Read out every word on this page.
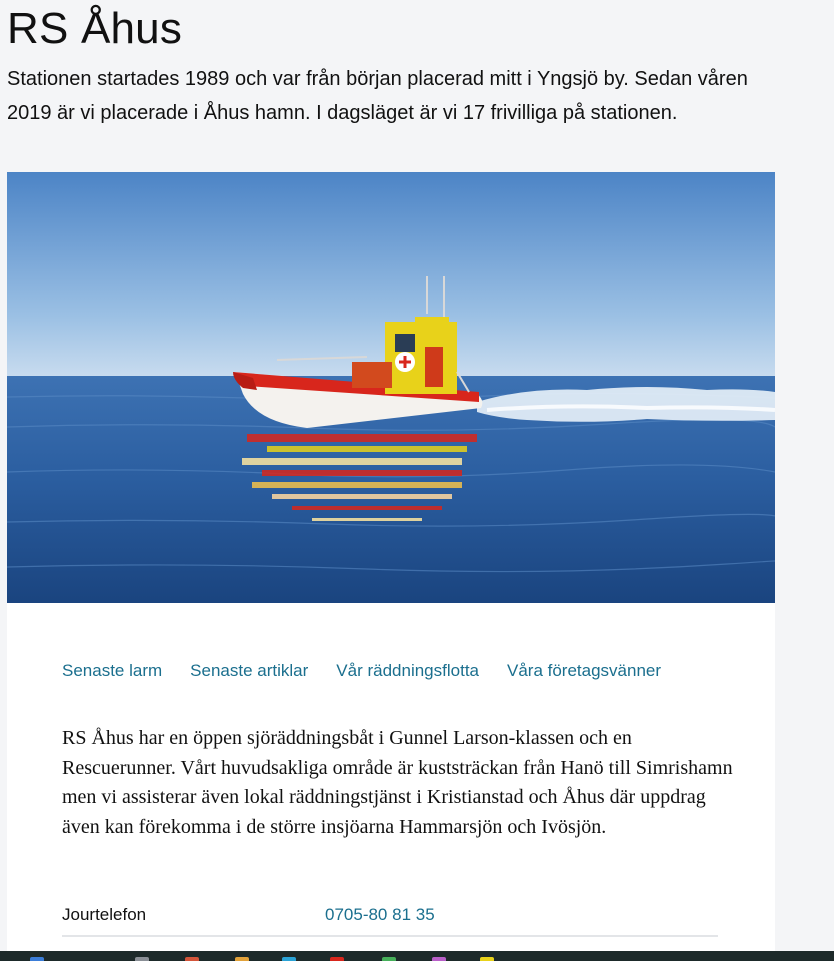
RS Åhus

Stationen startades 1989 och var från början placerad mitt i Yngsjö by. Sedan våren 2019 är vi placerade i Åhus hamn. I dagsläget är vi 17 frivilliga på stationen.

Senaste larm Senaste artiklar Vår räddningsflotta Våra företagsvänner

RS Åhus har en öppen sjöräddningsbåt i Gunnel Larson-klassen och en Rescuerunner. Vårt huvudsakliga område är kuststräckan från Hanö till Simrishamn men vi assisterar även lokal räddningstjänst i Kristianstad och Åhus där uppdrag även kan förekomma i de större insjöarna Hammarsjön och Ivösjön.

Jourtelefon	0705-80 81 35
